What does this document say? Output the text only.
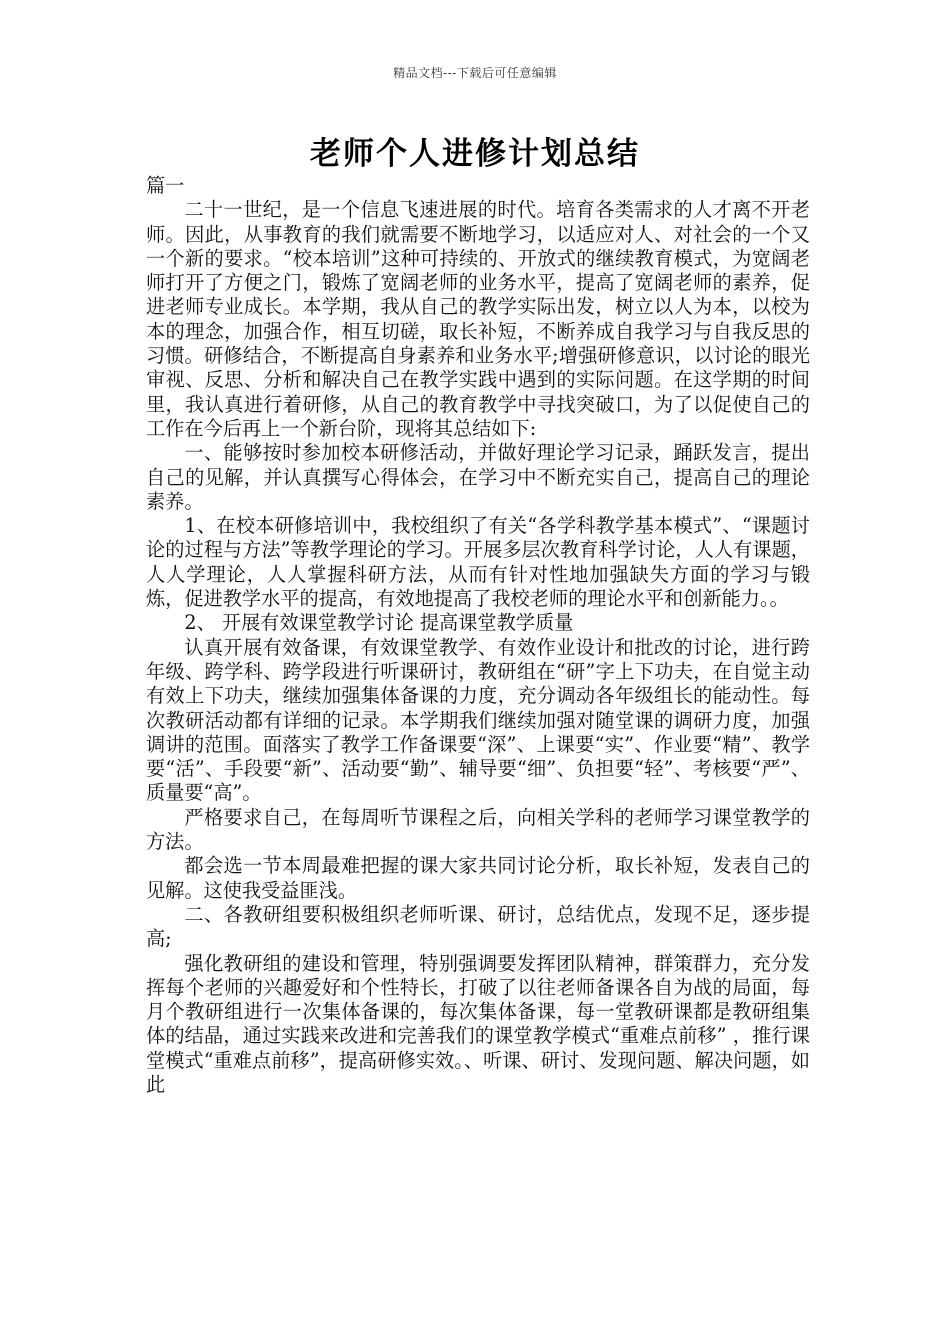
精品文档---下载后可任意编辑
老师个人进修计划总结

篇一

二十一世纪，是一个信息飞速进展的时代。培育各类需求的人才离不开老师。因此，从事教育的我们就需要不断地学习，以适应对人、对社会的一个又一个新的要求。“校本培训”这种可持续的、开放式的继续教育模式，为宽阔老师打开了方便之门，锻炼了宽阔老师的业务水平，提高了宽阔老师的素养，促进老师专业成长。本学期，我从自己的教学实际出发，树立以人为本，以校为本的理念，加强合作，相互切磋，取长补短，不断养成自我学习与自我反思的习惯。研修结合，不断提高自身素养和业务水平;增强研修意识，以讨论的眼光审视、反思、分析和解决自己在教学实践中遇到的实际问题。在这学期的时间里，我认真进行着研修，从自己的教育教学中寻找突破口，为了以促使自己的工作在今后再上一个新台阶，现将其总结如下:

一、能够按时参加校本研修活动，并做好理论学习记录，踊跃发言，提出自己的见解，并认真撰写心得体会，在学习中不断充实自己，提高自己的理论素养。

1、在校本研修培训中，我校组织了有关“各学科教学基本模式”、“课题讨论的过程与方法”等教学理论的学习。开展多层次教育科学讨论，人人有课题，人人学理论，人人掌握科研方法，从而有针对性地加强缺失方面的学习与锻炼，促进教学水平的提高，有效地提高了我校老师的理论水平和创新能力。。

2、 开展有效课堂教学讨论 提高课堂教学质量

认真开展有效备课，有效课堂教学、有效作业设计和批改的讨论，进行跨年级、跨学科、跨学段进行听课研讨，教研组在“研”字上下功夫，在自觉主动有效上下功夫，继续加强集体备课的力度，充分调动各年级组长的能动性。每次教研活动都有详细的记录。本学期我们继续加强对随堂课的调研力度，加强调讲的范围。面落实了教学工作备课要“深”、上课要“实”、作业要“精”、教学要“活”、手段要“新”、活动要“勤”、辅导要“细”、负担要“轻”、考核要“严”、质量要“高”。

严格要求自己，在每周听节课程之后，向相关学科的老师学习课堂教学的方法。

都会选一节本周最难把握的课大家共同讨论分析，取长补短，发表自己的见解。这使我受益匪浅。

二、各教研组要积极组织老师听课、研讨，总结优点，发现不足，逐步提高;

强化教研组的建设和管理，特别强调要发挥团队精神，群策群力，充分发挥每个老师的兴趣爱好和个性特长，打破了以往老师备课各自为战的局面，每月个教研组进行一次集体备课的，每次集体备课，每一堂教研课都是教研组集体的结晶，通过实践来改进和完善我们的课堂教学模式“重难点前移” ，推行课堂模式“重难点前移”，提高研修实效。、听课、研讨、发现问题、解决问题，如此
